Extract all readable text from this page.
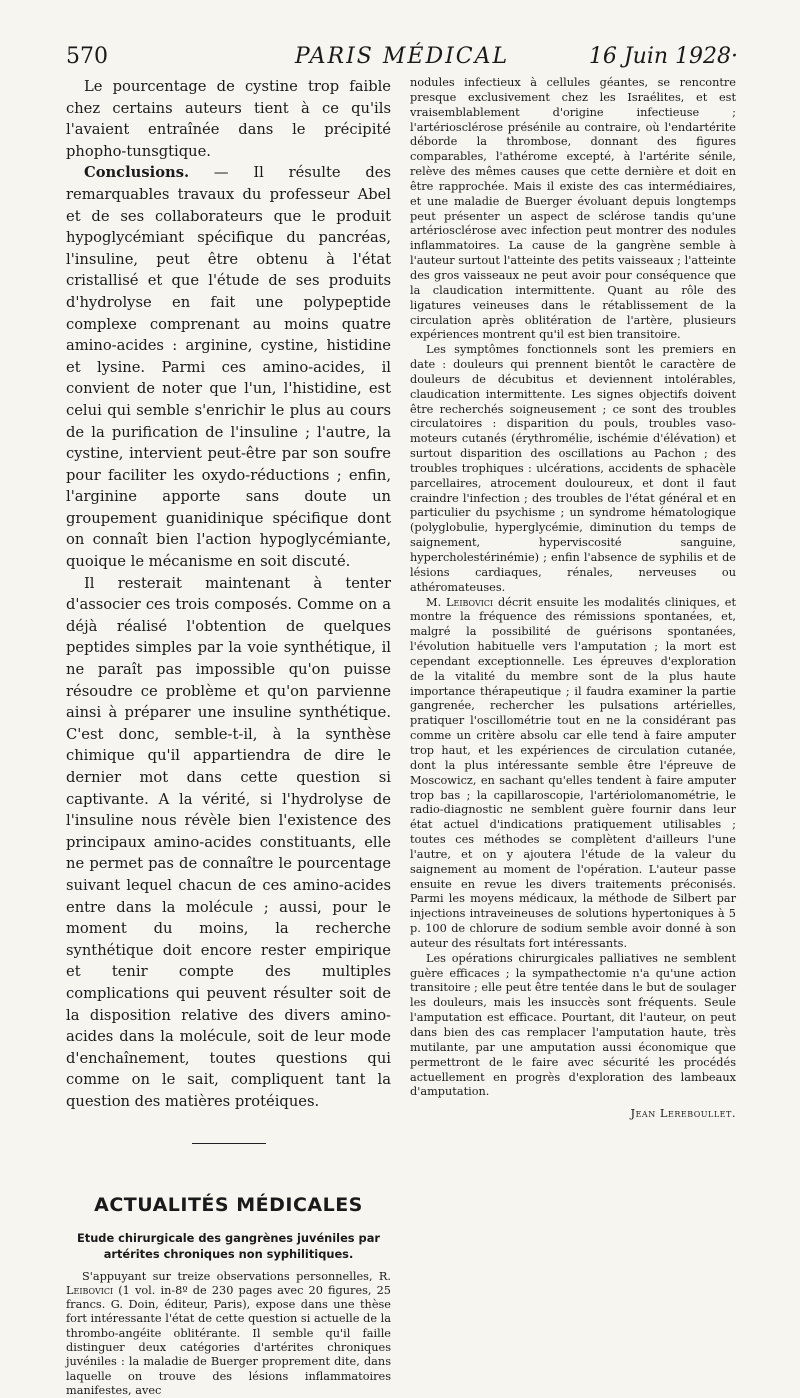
570	PARIS MÉDICAL	16 Juin 1928·

Le pourcentage de cystine trop faible chez certains auteurs tient à ce qu'ils l'avaient entraînée dans le précipité phopho-tunsgtique.

Conclusions. — Il résulte des remarquables travaux du professeur Abel et de ses collaborateurs que le produit hypoglycémiant spécifique du pancréas, l'insuline, peut être obtenu à l'état cristallisé et que l'étude de ses produits d'hydrolyse en fait une polypeptide complexe comprenant au moins quatre amino-acides : arginine, cystine, histidine et lysine. Parmi ces amino-acides, il convient de noter que l'un, l'histidine, est celui qui semble s'enrichir le plus au cours de la purification de l'insuline ; l'autre, la cystine, intervient peut-être par son soufre pour faciliter les oxydo-réductions ; enfin, l'arginine apporte sans doute un groupement guanidinique spécifique dont on connaît bien l'action hypoglycémiante, quoique le mécanisme en soit discuté.

Il resterait maintenant à tenter d'associer ces trois composés. Comme on a déjà réalisé l'obtention de quelques peptides simples par la voie synthétique, il ne paraît pas impossible qu'on puisse résoudre ce problème et qu'on parvienne ainsi à préparer une insuline synthétique. C'est donc, semble-t-il, à la synthèse chimique qu'il appartiendra de dire le dernier mot dans cette question si captivante. A la vérité, si l'hydrolyse de l'insuline nous révèle bien l'existence des principaux amino-acides constituants, elle ne permet pas de connaître le pourcentage suivant lequel chacun de ces amino-acides entre dans la molécule ; aussi, pour le moment du moins, la recherche synthétique doit encore rester empirique et tenir compte des multiples complications qui peuvent résulter soit de la disposition relative des divers amino-acides dans la molécule, soit de leur mode d'enchaînement, toutes questions qui comme on le sait, compliquent tant la question des matières protéiques.

ACTUALITÉS MÉDICALES
Etude chirurgicale des gangrènes juvéniles par artérites chroniques non syphilitiques.

S'appuyant sur treize observations personnelles, R. Leibovici (1 vol. in-8º de 230 pages avec 20 figures, 25 francs. G. Doin, éditeur, Paris), expose dans une thèse fort intéressante l'état de cette question si actuelle de la thrombo-angéite oblitérante. Il semble qu'il faille distinguer deux catégories d'artérites chroniques juvéniles : la maladie de Buerger proprement dite, dans laquelle on trouve des lésions inflammatoires manifestes, avec

nodules infectieux à cellules géantes, se rencontre presque exclusivement chez les Israélites, et est vraisemblablement d'origine infectieuse ; l'artériosclérose présénile au contraire, où l'endartérite déborde la thrombose, donnant des figures comparables, l'athérome excepté, à l'artérite sénile, relève des mêmes causes que cette dernière et doit en être rapprochée. Mais il existe des cas intermédiaires, et une maladie de Buerger évoluant depuis longtemps peut présenter un aspect de sclérose tandis qu'une artériosclérose avec infection peut montrer des nodules inflammatoires. La cause de la gangrène semble à l'auteur surtout l'atteinte des petits vaisseaux ; l'atteinte des gros vaisseaux ne peut avoir pour conséquence que la claudication intermittente. Quant au rôle des ligatures veineuses dans le rétablissement de la circulation après oblitération de l'artère, plusieurs expériences montrent qu'il est bien transitoire.

Les symptômes fonctionnels sont les premiers en date : douleurs qui prennent bientôt le caractère de douleurs de décubitus et deviennent intolérables, claudication intermittente. Les signes objectifs doivent être recherchés soigneusement ; ce sont des troubles circulatoires : disparition du pouls, troubles vaso-moteurs cutanés (érythromélie, ischémie d'élévation) et surtout disparition des oscillations au Pachon ; des troubles trophiques : ulcérations, accidents de sphacèle parcellaires, atrocement douloureux, et dont il faut craindre l'infection ; des troubles de l'état général et en particulier du psychisme ; un syndrome hématologique (polyglobulie, hyperglycémie, diminution du temps de saignement, hyperviscosité sanguine, hypercholestérinémie) ; enfin l'absence de syphilis et de lésions cardiaques, rénales, nerveuses ou athéromateuses.

M. Leibovici décrit ensuite les modalités cliniques, et montre la fréquence des rémissions spontanées, et, malgré la possibilité de guérisons spontanées, l'évolution habituelle vers l'amputation ; la mort est cependant exceptionnelle. Les épreuves d'exploration de la vitalité du membre sont de la plus haute importance thérapeutique ; il faudra examiner la partie gangrenée, rechercher les pulsations artérielles, pratiquer l'oscillométrie tout en ne la considérant pas comme un critère absolu car elle tend à faire amputer trop haut, et les expériences de circulation cutanée, dont la plus intéressante semble être l'épreuve de Moscowicz, en sachant qu'elles tendent à faire amputer trop bas ; la capillaroscopie, l'artériolomanométrie, le radio-diagnostic ne semblent guère fournir dans leur état actuel d'indications pratiquement utilisables ; toutes ces méthodes se complètent d'ailleurs l'une l'autre, et on y ajoutera l'étude de la valeur du saignement au moment de l'opération. L'auteur passe ensuite en revue les divers traitements préconisés. Parmi les moyens médicaux, la méthode de Silbert par injections intraveineuses de solutions hypertoniques à 5 p. 100 de chlorure de sodium semble avoir donné à son auteur des résultats fort intéressants.

Les opérations chirurgicales palliatives ne semblent guère efficaces ; la sympathectomie n'a qu'une action transitoire ; elle peut être tentée dans le but de soulager les douleurs, mais les insuccès sont fréquents. Seule l'amputation est efficace. Pourtant, dit l'auteur, on peut dans bien des cas remplacer l'amputation haute, très mutilante, par une amputation aussi économique que permettront de le faire avec sécurité les procédés actuellement en progrès d'exploration des lambeaux d'amputation.

Jean Lereboullet.
